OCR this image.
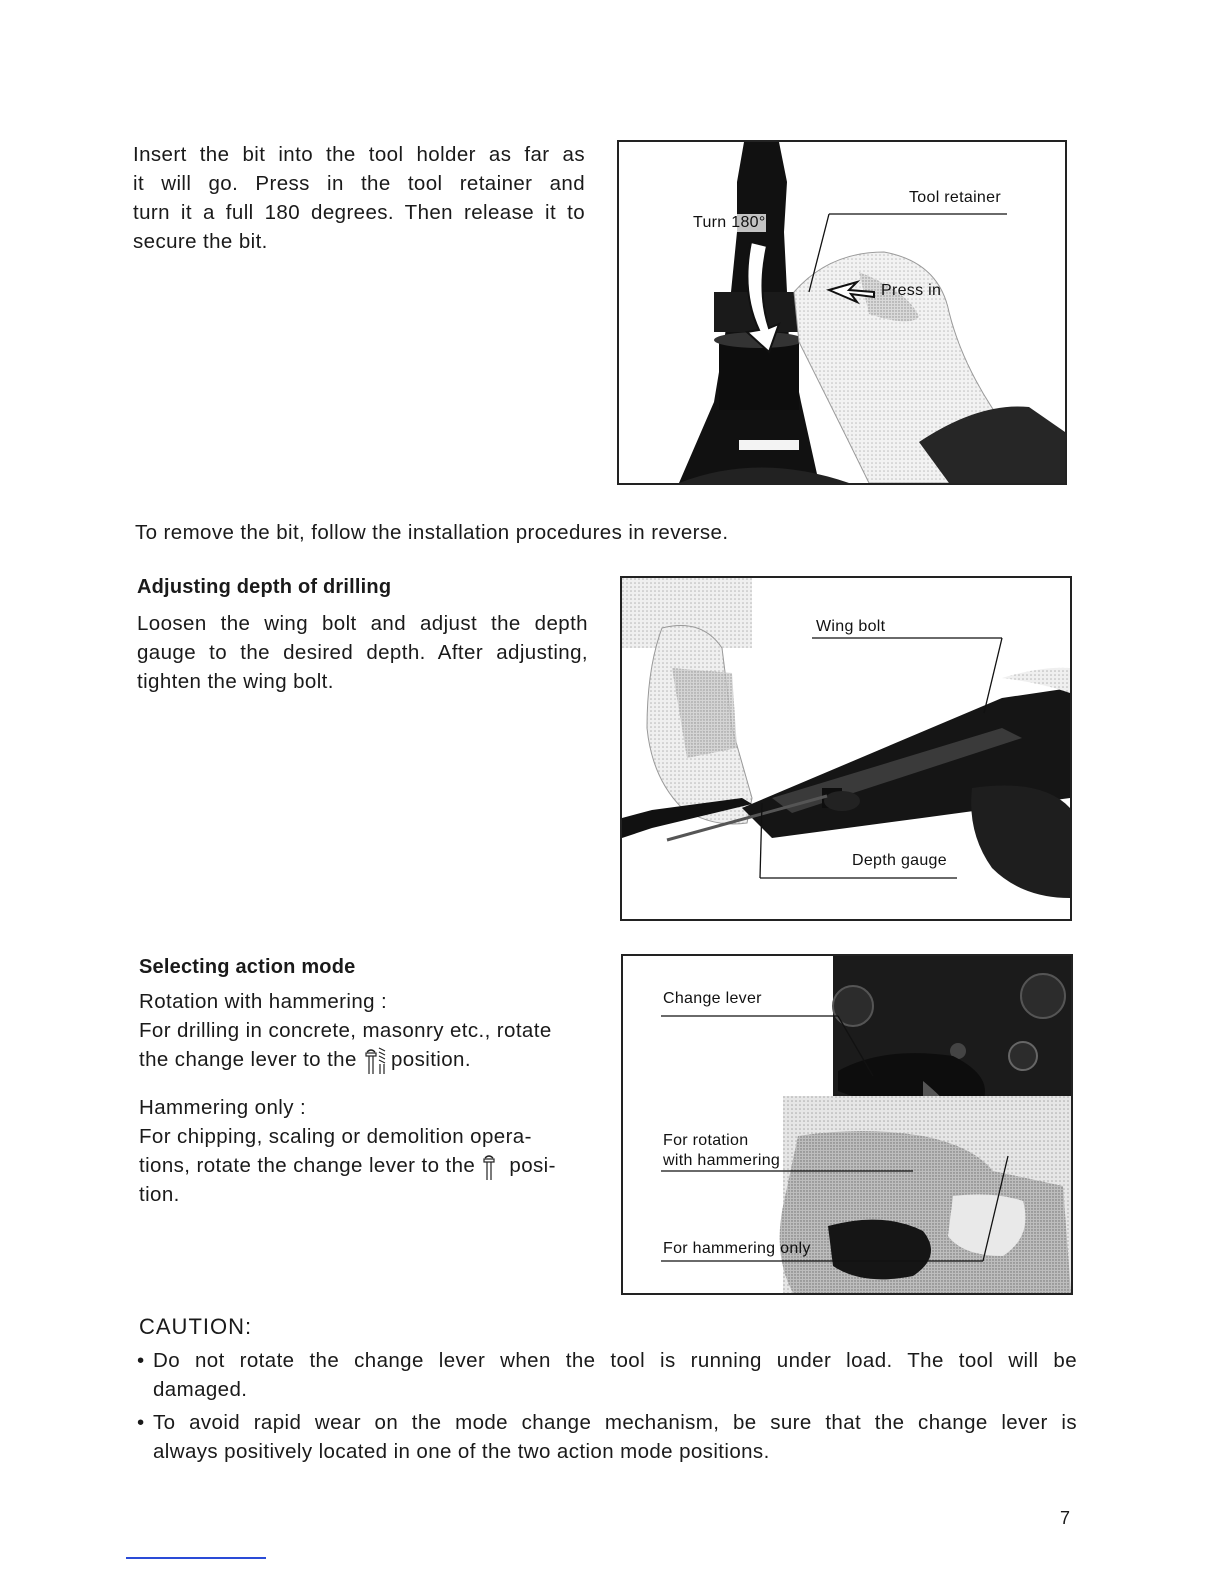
Insert the bit into the tool holder as far as
it will go. Press in the tool retainer and
turn it a full 180 degrees. Then release it to
secure the bit.
Tool retainer
Turn 180°
Press in
To remove the bit, follow the installation procedures in reverse.
Adjusting depth of drilling
Loosen the wing bolt and adjust the depth
gauge to the desired depth. After adjusting,
tighten the wing bolt.
Wing bolt
Depth gauge
Selecting action mode
Rotation with hammering :
For drilling in concrete, masonry etc., rotate
the change lever to the position.
Hammering only :
For chipping, scaling or demolition opera-
tions, rotate the change lever to the posi-
tion.
Change lever
For rotation
with hammering
For hammering only
CAUTION:
• Do not rotate the change lever when the tool is running under load. The tool will be
damaged.
• To avoid rapid wear on the mode change mechanism, be sure that the change lever is
always positively located in one of the two action mode positions.
7
